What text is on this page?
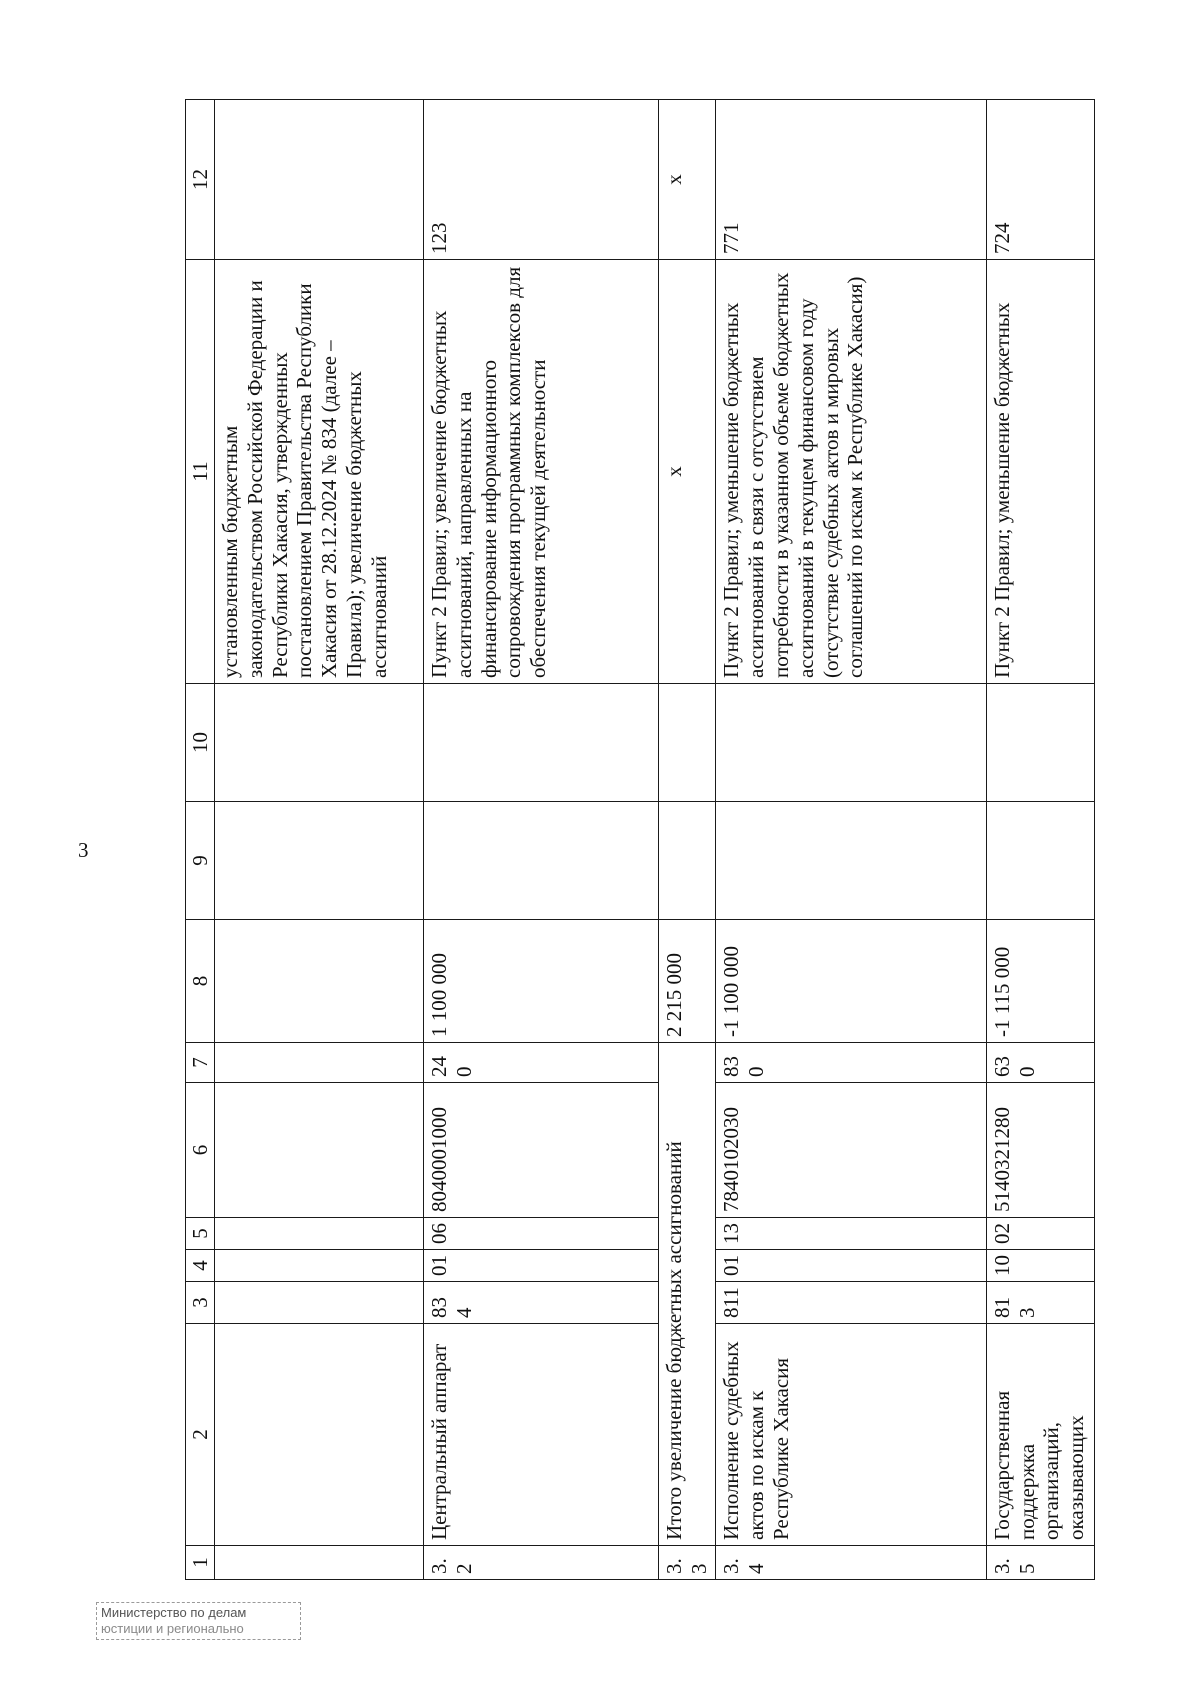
3
1	2	3	4	5	6	7	8	9	10	11	12
										установленным бюджетным законодательством Российской Федерации и Республики Хакасия, утвержденных постановлением Правительства Республики Хакасия от 28.12.2024 № 834 (далее – Правила); увеличение бюджетных ассигнований	
3.2	Центральный аппарат	834	01	06	8040001000	240	1 100 000			Пункт 2 Правил; увеличение бюджетных ассигнований, направленных на финансирование информационного сопровождения программных комплексов для обеспечения текущей деятельности	123
3.3	Итого увеличение бюджетных ассигнований						2 215 000			x	x
3.4	Исполнение судебных актов по искам к Республике Хакасия	811	01	13	7840102030	830	-1 100 000			Пункт 2 Правил; уменьшение бюджетных ассигнований в связи с отсутствием потребности в указанном объеме бюджетных ассигнований в текущем финансовом году (отсутствие судебных актов и мировых соглашений по искам к Республике Хакасия)	771
3.5	Государственная поддержка организаций, оказывающих	813	10	02	5140321280	630	-1 115 000			Пункт 2 Правил; уменьшение бюджетных	724
Министерство по делам
юстиции и регионально
